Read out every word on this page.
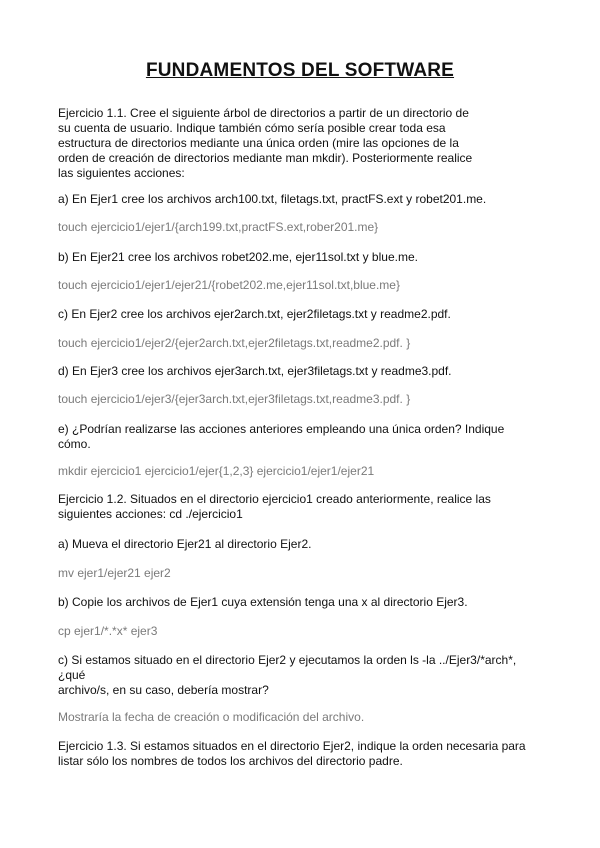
FUNDAMENTOS DEL SOFTWARE
Ejercicio 1.1. Cree el siguiente árbol de directorios a partir de un directorio de
su cuenta de usuario. Indique también cómo sería posible crear toda esa
estructura de directorios mediante una única orden (mire las opciones de la
orden de creación de directorios mediante man mkdir). Posteriormente realice
las siguientes acciones:
a) En Ejer1 cree los archivos arch100.txt, filetags.txt, practFS.ext y robet201.me.
touch ejercicio1/ejer1/{arch199.txt,practFS.ext,rober201.me}
b) En Ejer21 cree los archivos robet202.me, ejer11sol.txt y blue.me.
touch ejercicio1/ejer1/ejer21/{robet202.me,ejer11sol.txt,blue.me}
c) En Ejer2 cree los archivos ejer2arch.txt, ejer2filetags.txt y readme2.pdf.
touch ejercicio1/ejer2/{ejer2arch.txt,ejer2filetags.txt,readme2.pdf. }
d) En Ejer3 cree los archivos ejer3arch.txt, ejer3filetags.txt y readme3.pdf.
touch ejercicio1/ejer3/{ejer3arch.txt,ejer3filetags.txt,readme3.pdf. }
e) ¿Podrían realizarse las acciones anteriores empleando una única orden? Indique
cómo.
mkdir ejercicio1 ejercicio1/ejer{1,2,3} ejercicio1/ejer1/ejer21
Ejercicio 1.2. Situados en el directorio ejercicio1 creado anteriormente, realice las
siguientes acciones: cd ./ejercicio1
a) Mueva el directorio Ejer21 al directorio Ejer2.
mv ejer1/ejer21 ejer2
b) Copie los archivos de Ejer1 cuya extensión tenga una x al directorio Ejer3.
cp ejer1/*.*x* ejer3
c) Si estamos situado en el directorio Ejer2 y ejecutamos la orden ls -la ../Ejer3/*arch*,
¿qué
archivo/s, en su caso, debería mostrar?
Mostraría la fecha de creación o modificación del archivo.
Ejercicio 1.3. Si estamos situados en el directorio Ejer2, indique la orden necesaria para
listar sólo los nombres de todos los archivos del directorio padre.
